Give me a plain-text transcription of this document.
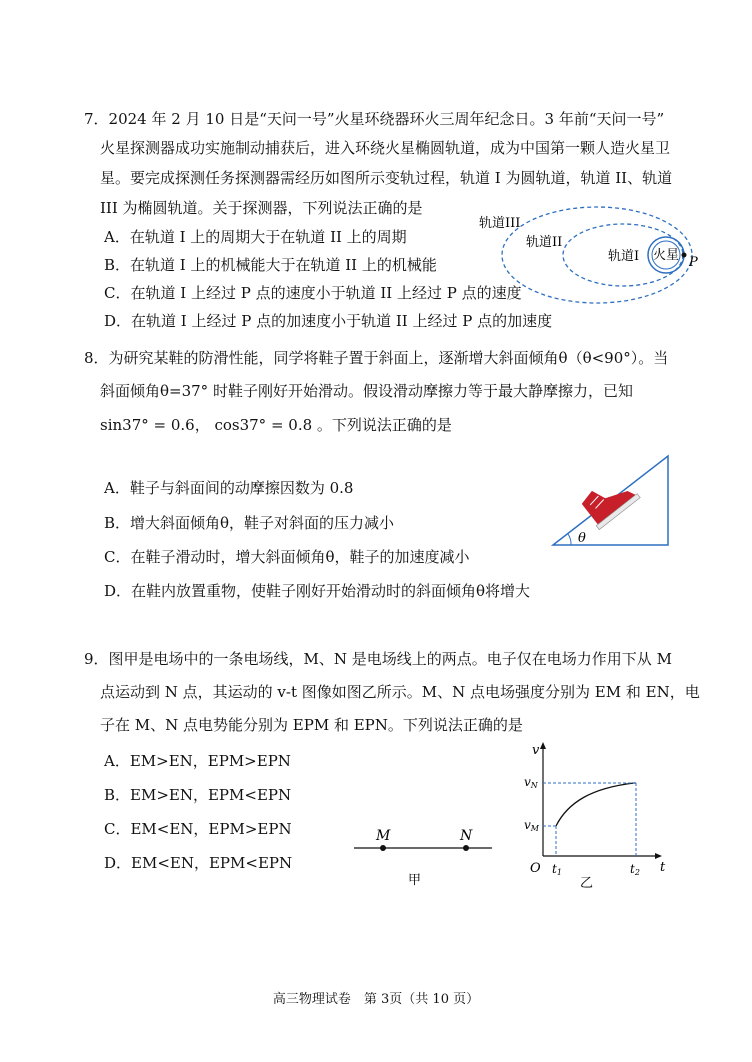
7．2024 年 2 月 10 日是“天问一号”火星环绕器环火三周年纪念日。3 年前“天问一号”
火星探测器成功实施制动捕获后，进入环绕火星椭圆轨道，成为中国第一颗人造火星卫
星。要完成探测任务探测器需经历如图所示变轨过程，轨道 I 为圆轨道，轨道 II、轨道
III 为椭圆轨道。关于探测器，下列说法正确的是
A．在轨道 I 上的周期大于在轨道 II 上的周期
B．在轨道 I 上的机械能大于在轨道 II 上的机械能
C．在轨道 I 上经过 P 点的速度小于轨道 II 上经过 P 点的速度
D．在轨道 I 上经过 P 点的加速度小于轨道 II 上经过 P 点的加速度
轨道III
轨道II
轨道I 火星 P
8．为研究某鞋的防滑性能，同学将鞋子置于斜面上，逐渐增大斜面倾角θ（θ<90°）。当
斜面倾角θ=37° 时鞋子刚好开始滑动。假设滑动摩擦力等于最大静摩擦力，已知
sin37° = 0.6， cos37° = 0.8 。下列说法正确的是
A．鞋子与斜面间的动摩擦因数为 0.8
B．增大斜面倾角θ，鞋子对斜面的压力减小
C．在鞋子滑动时，增大斜面倾角θ，鞋子的加速度减小
D．在鞋内放置重物，使鞋子刚好开始滑动时的斜面倾角θ将增大
θ
9．图甲是电场中的一条电场线，M、N 是电场线上的两点。电子仅在电场力作用下从 M
点运动到 N 点，其运动的 v-t 图像如图乙所示。M、N 点电场强度分别为 EM 和 EN，电
子在 M、N 点电势能分别为 EPM 和 EPN。下列说法正确的是
A．EM>EN，EPM>EPN
B．EM>EN，EPM<EPN
C．EM<EN，EPM>EPN
D．EM<EN，EPM<EPN
M	N
甲
v
vN
vM
O t1	t2 t
乙
高三物理试卷　第 3页（共 10 页）
